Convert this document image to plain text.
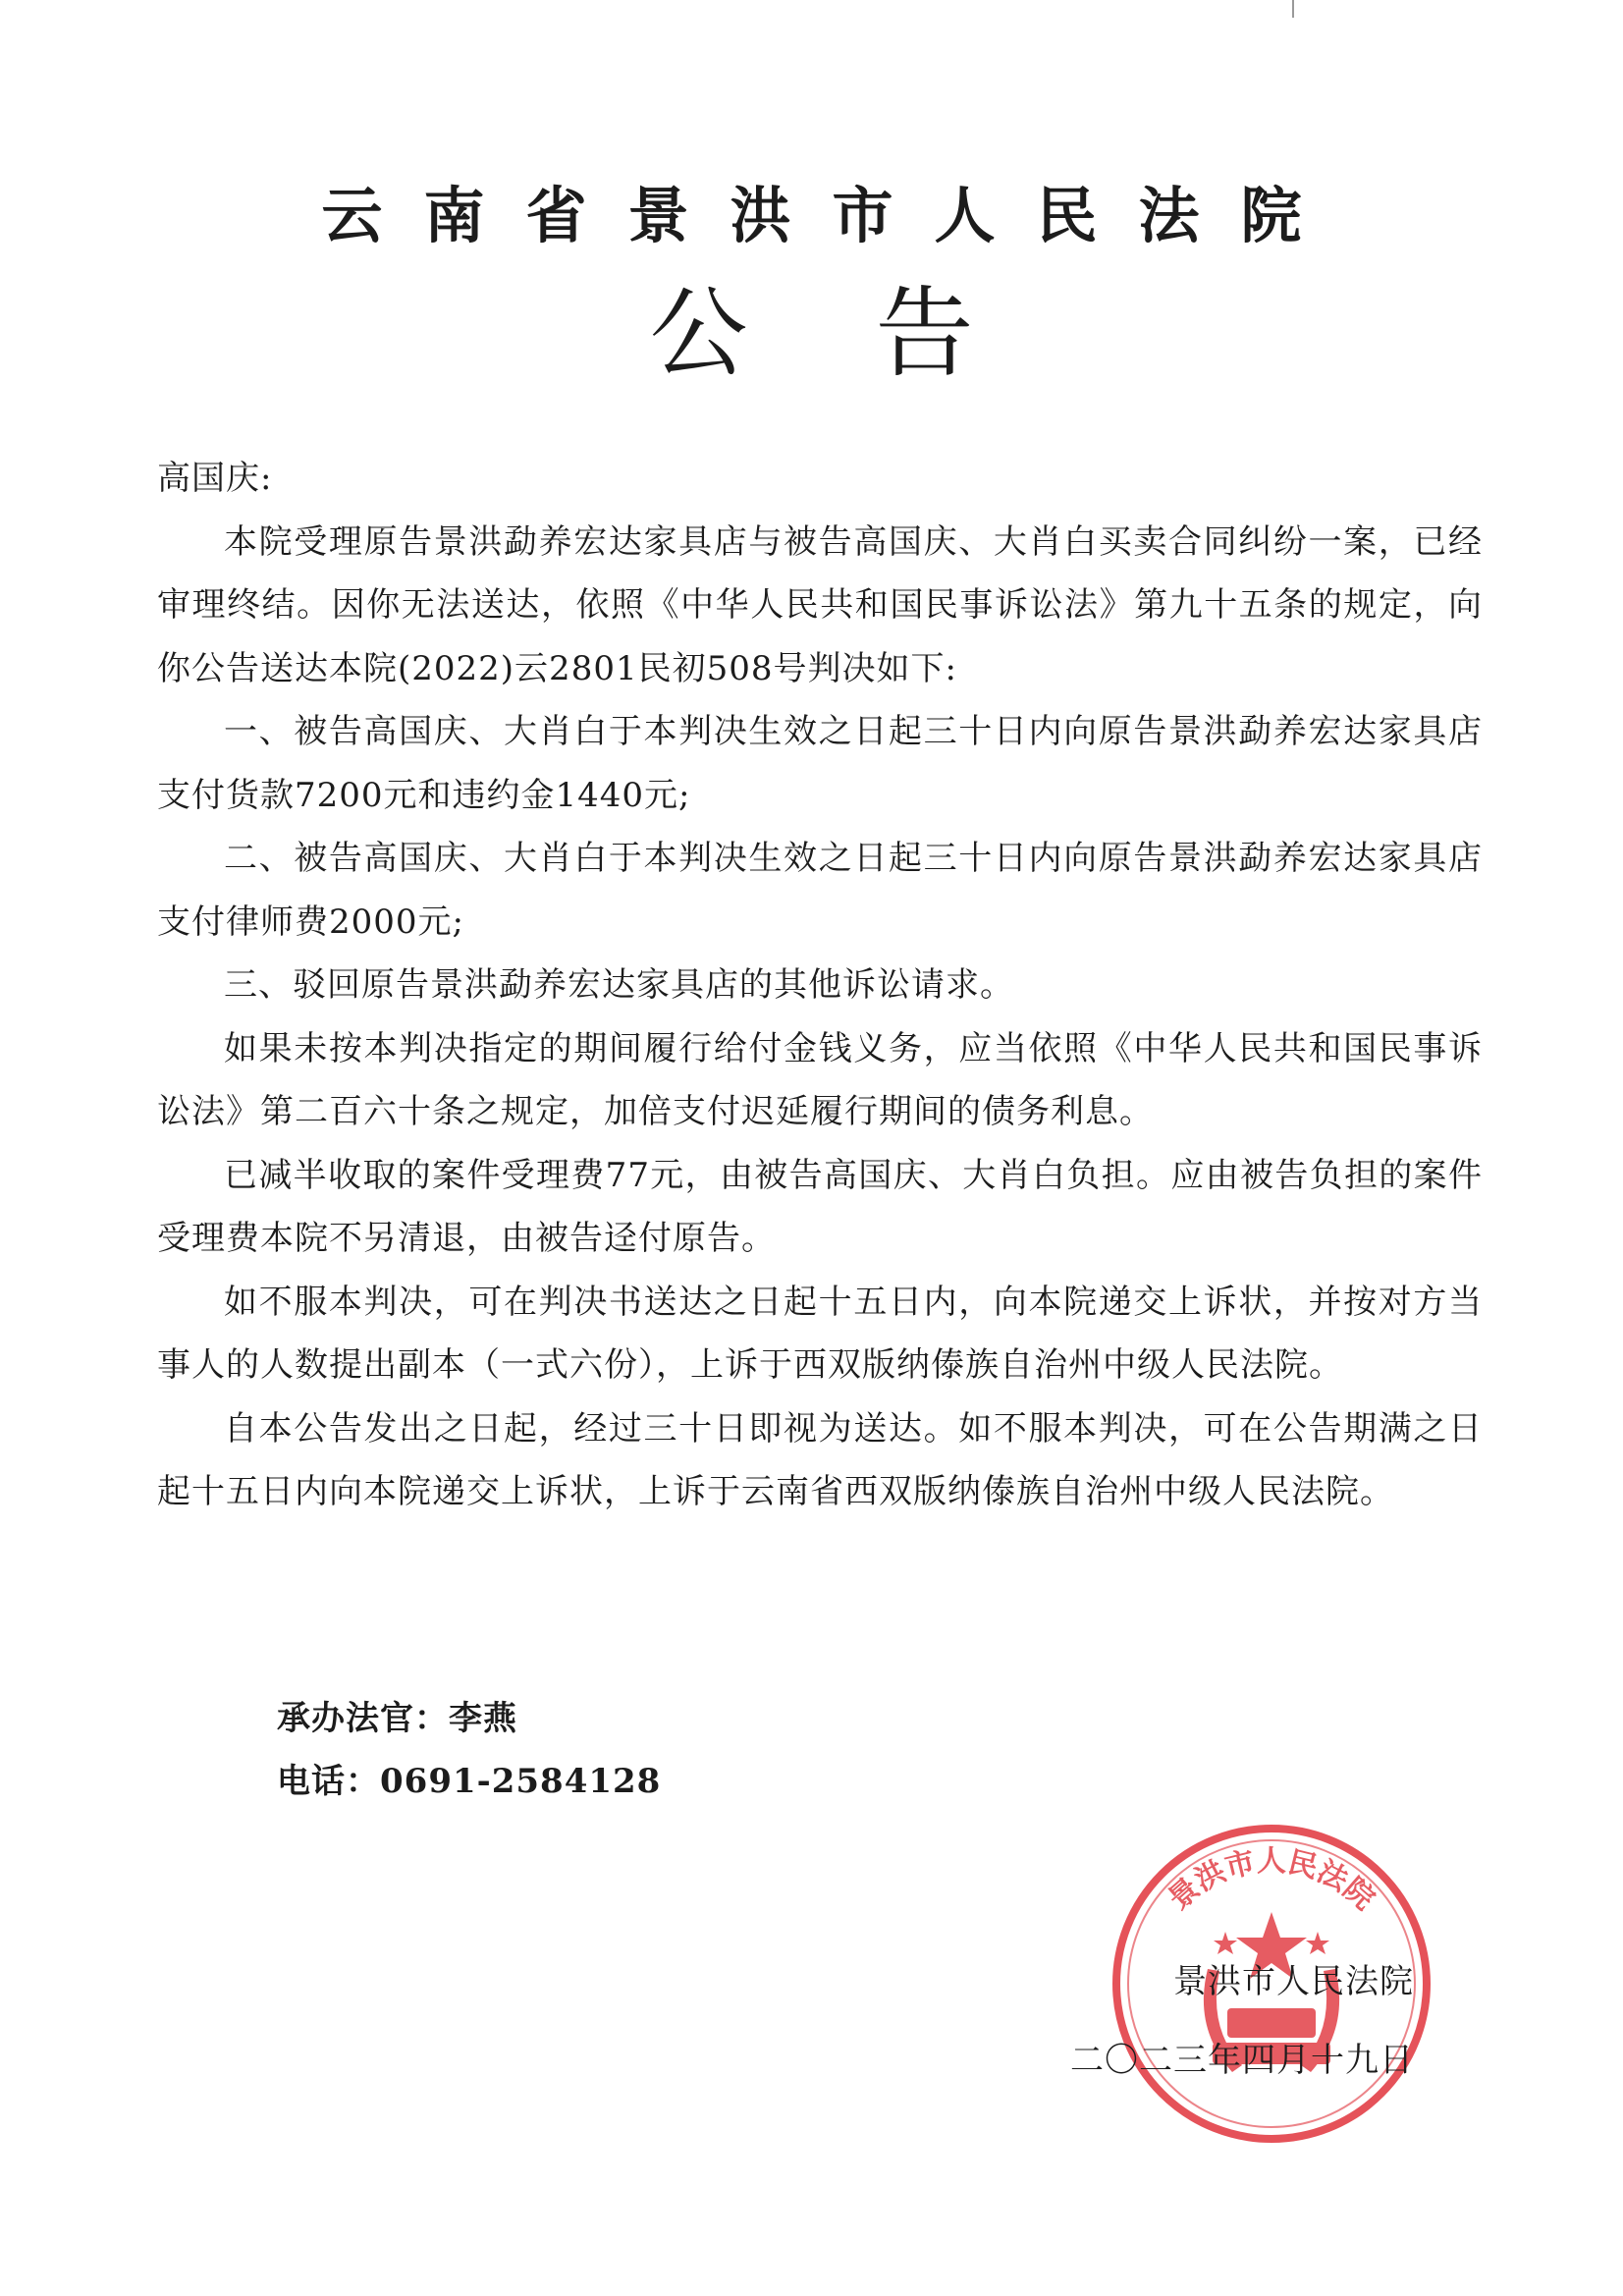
云南省景洪市人民法院
公告

高国庆:

本院受理原告景洪勐养宏达家具店与被告高国庆、大肖白买卖合同纠纷一案，已经审理终结。因你无法送达，依照《中华人民共和国民事诉讼法》第九十五条的规定，向你公告送达本院(2022)云2801民初508号判决如下:

一、被告高国庆、大肖白于本判决生效之日起三十日内向原告景洪勐养宏达家具店支付货款7200元和违约金1440元;

二、被告高国庆、大肖白于本判决生效之日起三十日内向原告景洪勐养宏达家具店支付律师费2000元;

三、驳回原告景洪勐养宏达家具店的其他诉讼请求。

如果未按本判决指定的期间履行给付金钱义务，应当依照《中华人民共和国民事诉讼法》第二百六十条之规定，加倍支付迟延履行期间的债务利息。

已减半收取的案件受理费77元，由被告高国庆、大肖白负担。应由被告负担的案件受理费本院不另清退，由被告迳付原告。

如不服本判决，可在判决书送达之日起十五日内，向本院递交上诉状，并按对方当事人的人数提出副本（一式六份），上诉于西双版纳傣族自治州中级人民法院。

自本公告发出之日起，经过三十日即视为送达。如不服本判决，可在公告期满之日起十五日内向本院递交上诉状，上诉于云南省西双版纳傣族自治州中级人民法院。

承办法官：李燕
电话：0691-2584128
景洪市人民法院
景洪市人民法院
二〇二三年四月十九日
